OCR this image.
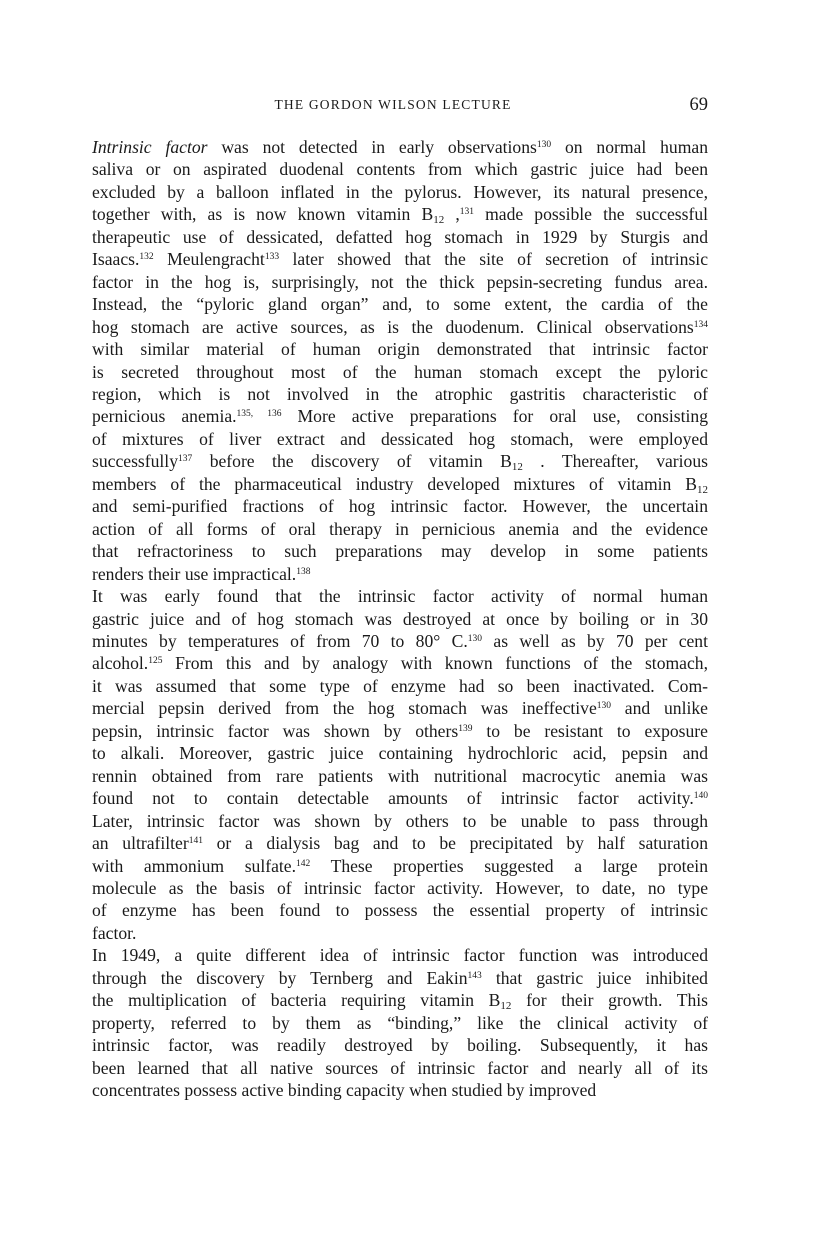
THE GORDON WILSON LECTURE	69
Intrinsic factor was not detected in early observations$^{130}$ on normal human
saliva or on aspirated duodenal contents from which gastric juice had been
excluded by a balloon inflated in the pylorus. However, its natural presence,
together with, as is now known vitamin $B_{12}$ ,$^{131}$ made possible the successful
therapeutic use of dessicated, defatted hog stomach in 1929 by Sturgis and
Isaacs.$^{132}$ Meulengracht$^{133}$ later showed that the site of secretion of intrinsic
factor in the hog is, surprisingly, not the thick pepsin-secreting fundus area.
Instead, the “pyloric gland organ” and, to some extent, the cardia of the
hog stomach are active sources, as is the duodenum. Clinical observations$^{134}$
with similar material of human origin demonstrated that intrinsic factor
is secreted throughout most of the human stomach except the pyloric
region, which is not involved in the atrophic gastritis characteristic of
pernicious anemia.$^{135, 136}$ More active preparations for oral use, consisting
of mixtures of liver extract and dessicated hog stomach, were employed
successfully$^{137}$ before the discovery of vitamin $B_{12}$ . Thereafter, various
members of the pharmaceutical industry developed mixtures of vitamin $B_{12}$
and semi-purified fractions of hog intrinsic factor. However, the uncertain
action of all forms of oral therapy in pernicious anemia and the evidence
that refractoriness to such preparations may develop in some patients
renders their use impractical.$^{138}$
It was early found that the intrinsic factor activity of normal human
gastric juice and of hog stomach was destroyed at once by boiling or in 30
minutes by temperatures of from 70 to 80° C.$^{130}$ as well as by 70 per cent
alcohol.$^{125}$ From this and by analogy with known functions of the stomach,
it was assumed that some type of enzyme had so been inactivated. Com-
mercial pepsin derived from the hog stomach was ineffective$^{130}$ and unlike
pepsin, intrinsic factor was shown by others$^{139}$ to be resistant to exposure
to alkali. Moreover, gastric juice containing hydrochloric acid, pepsin and
rennin obtained from rare patients with nutritional macrocytic anemia was
found not to contain detectable amounts of intrinsic factor activity.$^{140}$
Later, intrinsic factor was shown by others to be unable to pass through
an ultrafilter$^{141}$ or a dialysis bag and to be precipitated by half saturation
with ammonium sulfate.$^{142}$ These properties suggested a large protein
molecule as the basis of intrinsic factor activity. However, to date, no type
of enzyme has been found to possess the essential property of intrinsic
factor.
In 1949, a quite different idea of intrinsic factor function was introduced
through the discovery by Ternberg and Eakin$^{143}$ that gastric juice inhibited
the multiplication of bacteria requiring vitamin $B_{12}$ for their growth. This
property, referred to by them as “binding,” like the clinical activity of
intrinsic factor, was readily destroyed by boiling. Subsequently, it has
been learned that all native sources of intrinsic factor and nearly all of its
concentrates possess active binding capacity when studied by improved
